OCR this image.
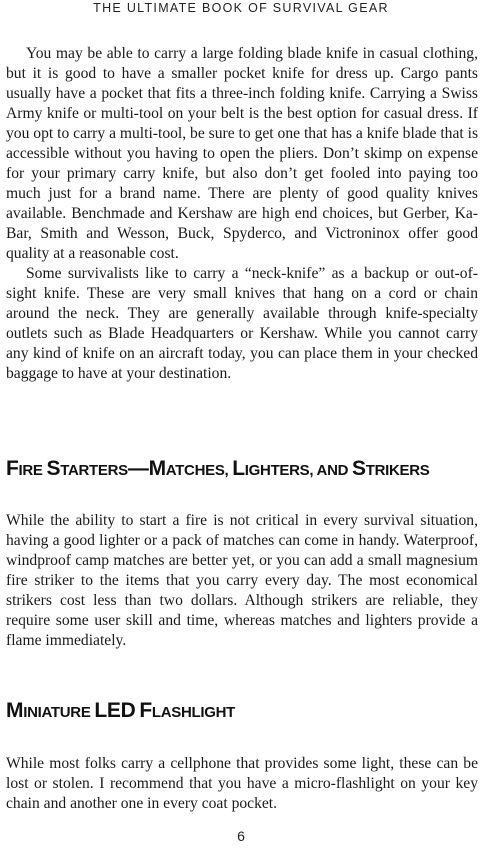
THE ULTIMATE BOOK OF SURVIVAL GEAR

You may be able to carry a large folding blade knife in casual clothing, but it is good to have a smaller pocket knife for dress up. Cargo pants usually have a pocket that fits a three-inch folding knife. Carrying a Swiss Army knife or multi-tool on your belt is the best option for casual dress. If you opt to carry a multi-tool, be sure to get one that has a knife blade that is accessible without you having to open the pliers. Don’t skimp on expense for your primary carry knife, but also don’t get fooled into paying too much just for a brand name. There are plenty of good quality knives available. Benchmade and Kershaw are high end choices, but Gerber, Ka-Bar, Smith and Wesson, Buck, Spyderco, and Victroninox offer good quality at a reasonable cost.

Some survivalists like to carry a “neck-knife” as a backup or out-of-sight knife. These are very small knives that hang on a cord or chain around the neck. They are generally available through knife-specialty outlets such as Blade Headquarters or Kershaw. While you cannot carry any kind of knife on an aircraft today, you can place them in your checked baggage to have at your destination.

FIRE STARTERS—MATCHES, LIGHTERS, AND STRIKERS

While the ability to start a fire is not critical in every survival situation, having a good lighter or a pack of matches can come in handy. Waterproof, windproof camp matches are better yet, or you can add a small magnesium fire striker to the items that you carry every day. The most economical strikers cost less than two dollars. Although strikers are reliable, they require some user skill and time, whereas matches and lighters provide a flame immediately.

MINIATURE LED FLASHLIGHT

While most folks carry a cellphone that provides some light, these can be lost or stolen. I recommend that you have a micro-flashlight on your key chain and another one in every coat pocket.

6
